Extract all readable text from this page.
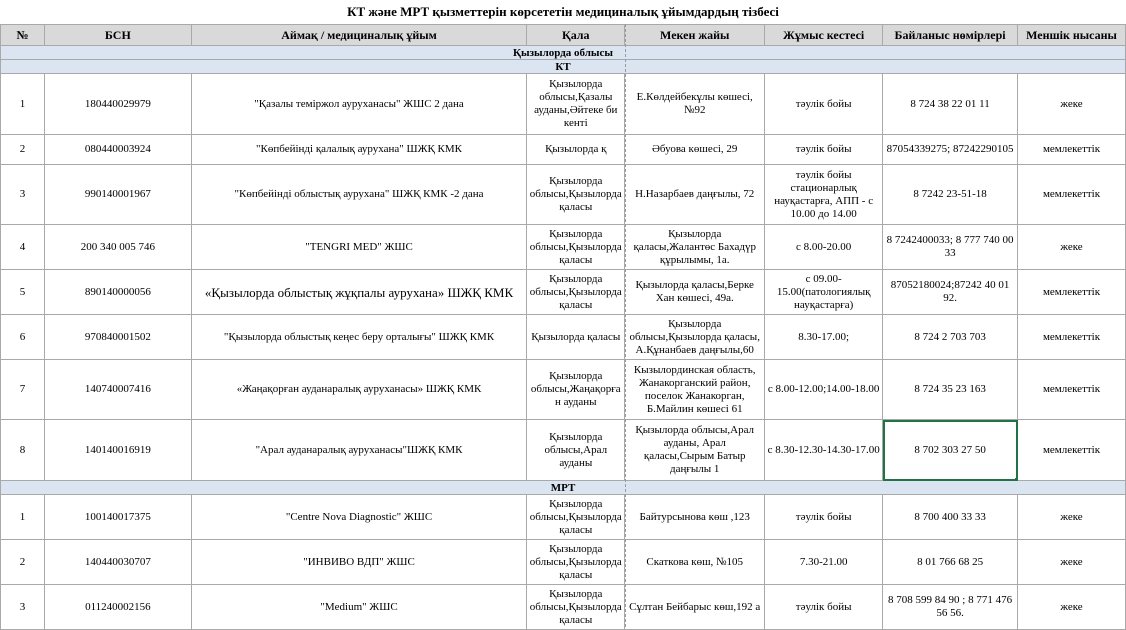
КТ және МРТ қызметтерін көрсететін медициналық ұйымдардың тізбесі
№	БСН	Аймақ / медициналық ұйым	Қала	Мекен жайы	Жұмыс кестесі	Байланыс нөмірлері	Меншік нысаны
Қызылорда облысы							
КТ							
1	180440029979	"Қазалы теміржол ауруханасы" ЖШС 2 дана	Қызылорда облысы,Қазалы ауданы,Әйтеке би кенті	Е.Көлдейбекұлы көшесі,№92	тәулік бойы	8 724 38 22 01 11	жеке
2	080440003924	"Көпбейінді қалалық аурухана" ШЖҚ КМК	Қызылорда қ	Әбуова көшесі, 29	тәулік бойы	87054339275; 87242290105	мемлекеттік
3	990140001967	"Көпбейінді облыстық аурухана" ШЖҚ КМК -2 дана	Қызылорда облысы,Қызылорда қаласы	Н.Назарбаев даңғылы, 72	тәулік бойы стационарлық науқастарға, АПП - с 10.00 до 14.00	8 7242 23-51-18	мемлекеттік
4	200 340 005 746	"TENGRI MED" ЖШС	Қызылорда облысы,Қызылорда қаласы	Қызылорда қаласы,Жалантөс Бахадүр құрылымы, 1а.	с 8.00-20.00	8 7242400033; 8 777 740 00 33	жеке
5	890140000056	«Қызылорда облыстық жұқпалы аурухана» ШЖҚ КМК	Қызылорда облысы,Қызылорда қаласы	Қызылорда қаласы,Берке Хан көшесі, 49а.	с 09.00-15.00(патологиялық науқастарға)	87052180024;87242 40 01 92.	мемлекеттік
6	970840001502	"Қызылорда облыстық кеңес беру орталығы" ШЖҚ КМК	Қызылорда қаласы	Қызылорда облысы,Қызылорда қаласы, А.Құнанбаев даңғылы,60	8.30-17.00;	8 724 2 703 703	мемлекеттік
7	140740007416	«Жаңақорған ауданаралық ауруханасы» ШЖҚ КМК	Қызылорда облысы,Жаңақорға н ауданы	Кызылординская область, Жанакорганский район, поселок Жанакорган, Б.Майлин көшесі 61	с 8.00-12.00;14.00-18.00	8 724 35 23 163	мемлекеттік
8	140140016919	"Арал ауданаралық ауруханасы"ШЖҚ КМК	Қызылорда облысы,Арал ауданы	Қызылорда облысы,Арал ауданы, Арал қаласы,Сырым Батыр даңғылы 1	с 8.30-12.30-14.30-17.00	8 702 303 27 50	мемлекеттік
МРТ							
1	100140017375	"Centre Nova Diagnostic" ЖШС	Қызылорда облысы,Қызылорда қаласы	Байтурсынова көш ,123	тәулік бойы	8 700 400 33 33	жеке
2	140440030707	"ИНВИВО ВДП" ЖШС	Қызылорда облысы,Қызылорда қаласы	Скаткова көш, №105	7.30-21.00	8 01 766 68 25	жеке
3	011240002156	"Medium" ЖШС	Қызылорда облысы,Қызылорда қаласы	Сұлтан Бейбарыс көш,192 а	тәулік бойы	8 708 599 84 90 ; 8 771 476 56 56.	жеке
